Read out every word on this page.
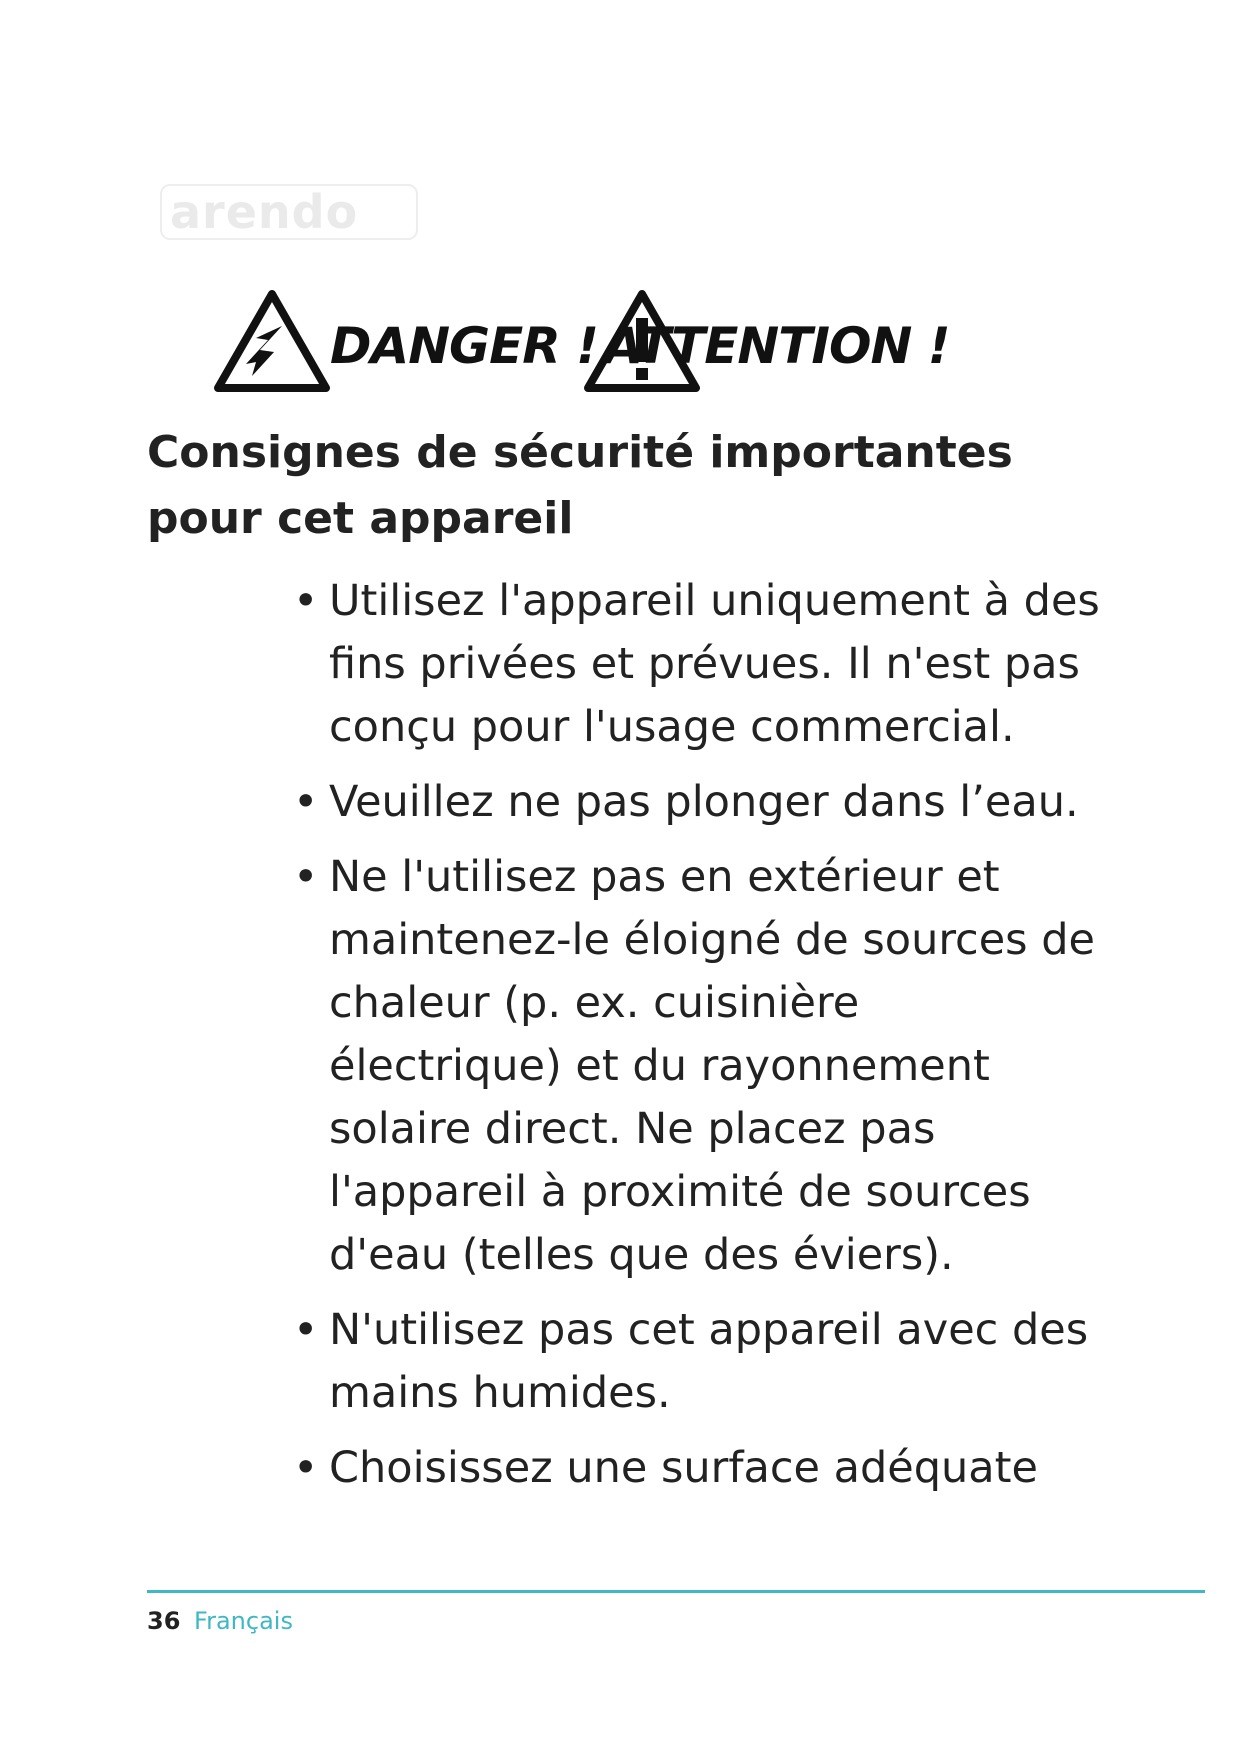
arendo
DANGER ! ATTENTION !
Consignes de sécurité importantes pour cet appareil
• Utilisez l'appareil uniquement à des fins privées et prévues. Il n'est pas conçu pour l'usage commercial.
• Veuillez ne pas plonger dans l’eau.
• Ne l'utilisez pas en extérieur et maintenez-le éloigné de sources de chaleur (p. ex. cuisinière électrique) et du rayonnement solaire direct. Ne placez pas l'appareil à proximité de sources d'eau (telles que des éviers).
• N'utilisez pas cet appareil avec des mains humides.
• Choisissez une surface adéquate
36 Français
